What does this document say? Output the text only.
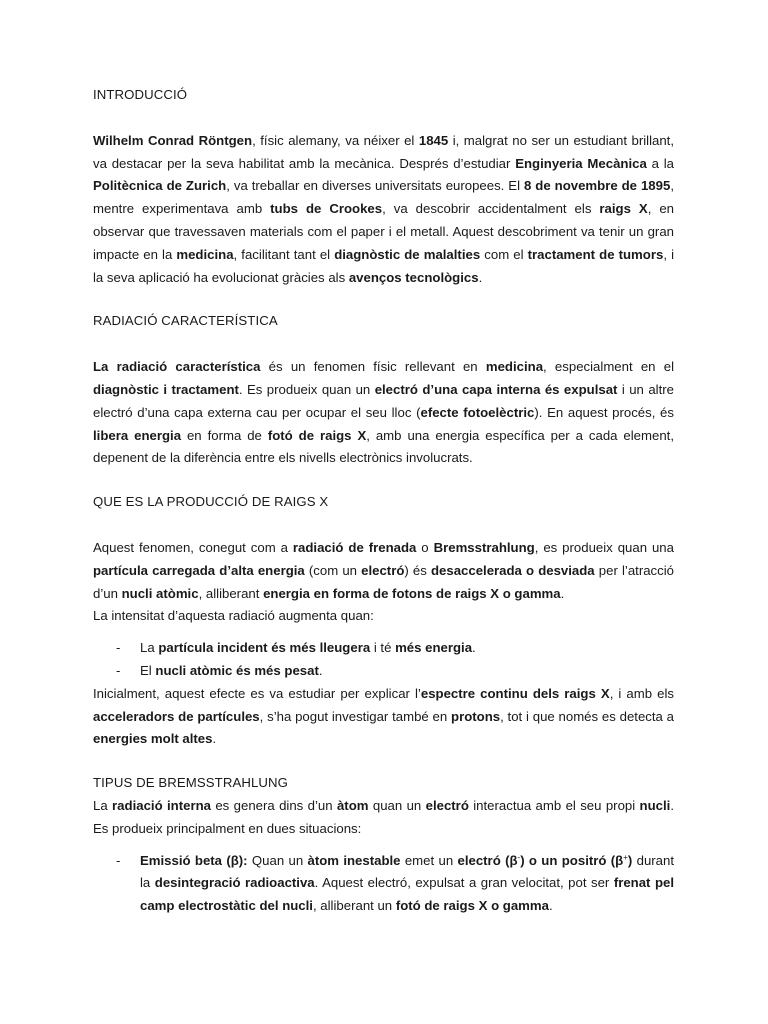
INTRODUCCIÓ

Wilhelm Conrad Röntgen, físic alemany, va néixer el 1845 i, malgrat no ser un estudiant brillant, va destacar per la seva habilitat amb la mecànica. Després d’estudiar Enginyeria Mecànica a la Politècnica de Zurich, va treballar en diverses universitats europees. El 8 de novembre de 1895, mentre experimentava amb tubs de Crookes, va descobrir accidentalment els raigs X, en observar que travessaven materials com el paper i el metall. Aquest descobriment va tenir un gran impacte en la medicina, facilitant tant el diagnòstic de malalties com el tractament de tumors, i la seva aplicació ha evolucionat gràcies als avenços tecnològics.

RADIACIÓ CARACTERÍSTICA

La radiació característica és un fenomen físic rellevant en medicina, especialment en el diagnòstic i tractament. Es produeix quan un electró d’una capa interna és expulsat i un altre electró d’una capa externa cau per ocupar el seu lloc (efecte fotoelèctric). En aquest procés, és libera energia en forma de fotó de raigs X, amb una energia específica per a cada element, depenent de la diferència entre els nivells electrònics involucrats.

QUE ES LA PRODUCCIÓ DE RAIGS X

Aquest fenomen, conegut com a radiació de frenada o Bremsstrahlung, es produeix quan una partícula carregada d’alta energia (com un electró) és desaccelerada o desviada per l’atracció d’un nucli atòmic, alliberant energia en forma de fotons de raigs X o gamma.

La intensitat d’aquesta radiació augmenta quan:

- La partícula incident és més lleugera i té més energia.
- El nucli atòmic és més pesat.

Inicialment, aquest efecte es va estudiar per explicar l’espectre continu dels raigs X, i amb els acceleradors de partícules, s’ha pogut investigar també en protons, tot i que només es detecta a energies molt altes.

TIPUS DE BREMSSTRAHLUNG

La radiació interna es genera dins d’un àtom quan un electró interactua amb el seu propi nucli. Es produeix principalment en dues situacions:

- Emissió beta (β): Quan un àtom inestable emet un electró (β-) o un positró (β+) durant la desintegració radioactiva. Aquest electró, expulsat a gran velocitat, pot ser frenat pel camp electrostàtic del nucli, alliberant un fotó de raigs X o gamma.
